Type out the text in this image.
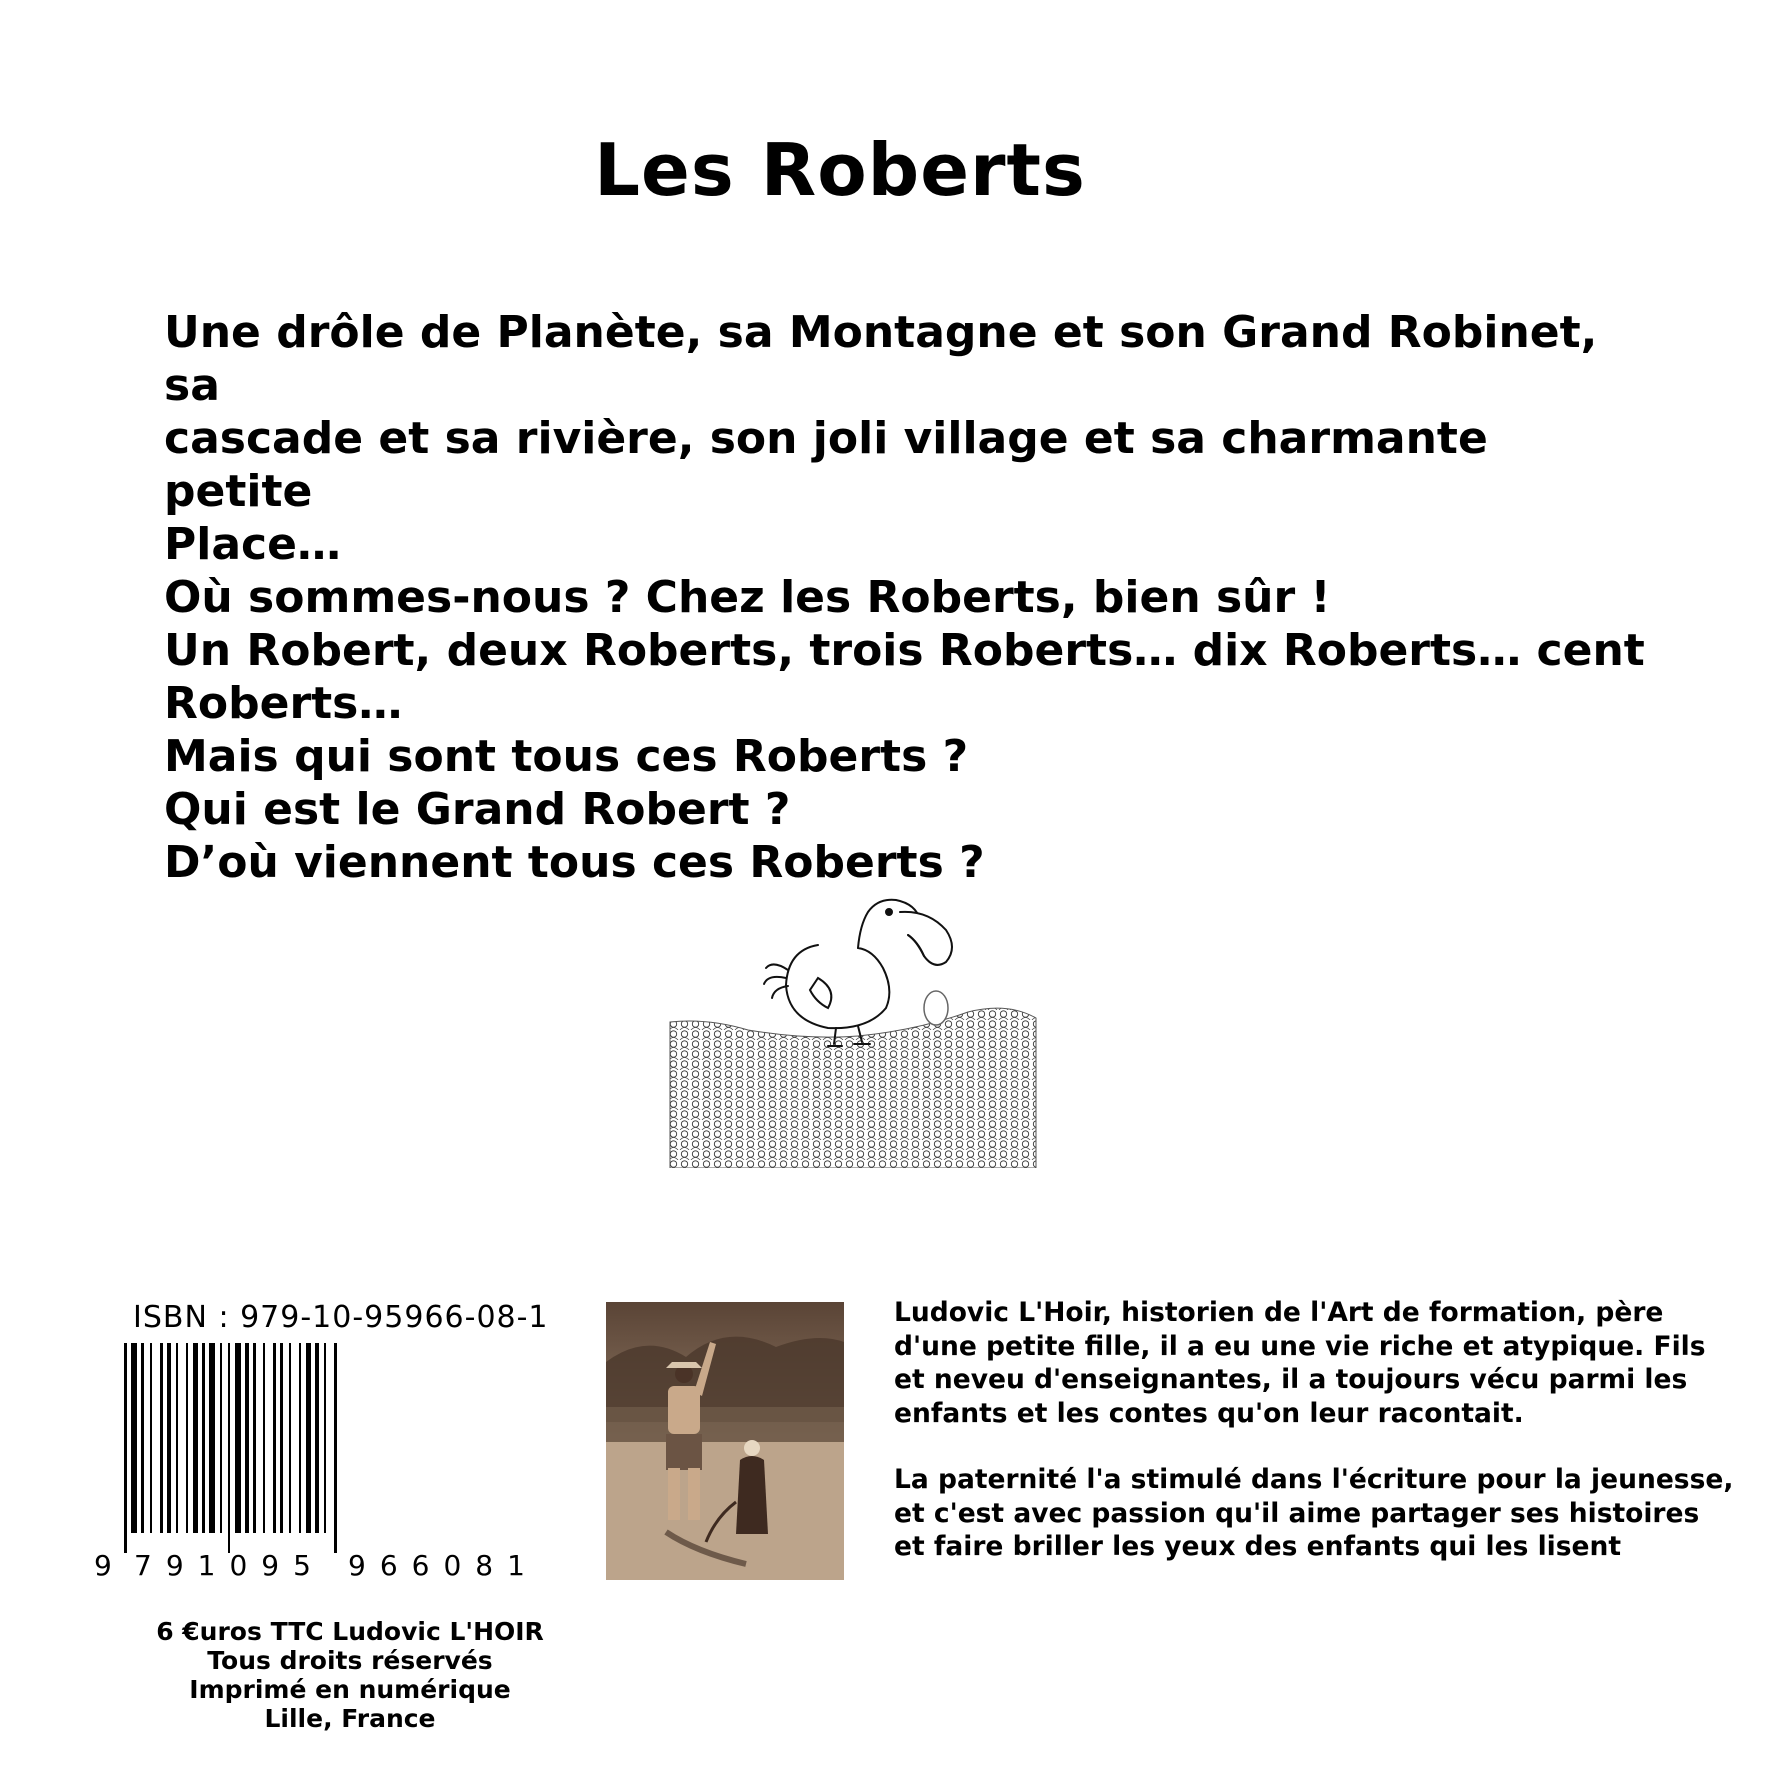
Les Roberts
Une drôle de Planète, sa Montagne et son Grand Robinet, sa
cascade et sa rivière, son joli village et sa charmante  petite
Place…
Où sommes-nous ? Chez les Roberts, bien sûr !
Un Robert, deux Roberts, trois Roberts… dix Roberts… cent
Roberts…
Mais qui sont tous ces Roberts ?
Qui est le Grand Robert ?
D’où viennent tous ces Roberts ?
ISBN : 979-10-95966-08-1
9 791095 966081
6 €uros TTC Ludovic L'HOIR
Tous droits réservés
Imprimé en numérique
Lille, France

Ludovic L'Hoir, historien de l'Art de formation, père d'une petite fille, il a eu une vie riche et atypique. Fils et neveu d'enseignantes, il a toujours vécu parmi les enfants et les contes qu'on leur racontait.

La paternité l'a stimulé dans l'écriture pour la jeunesse, et c'est avec passion qu'il aime partager ses histoires et faire briller les yeux des enfants qui les lisent
